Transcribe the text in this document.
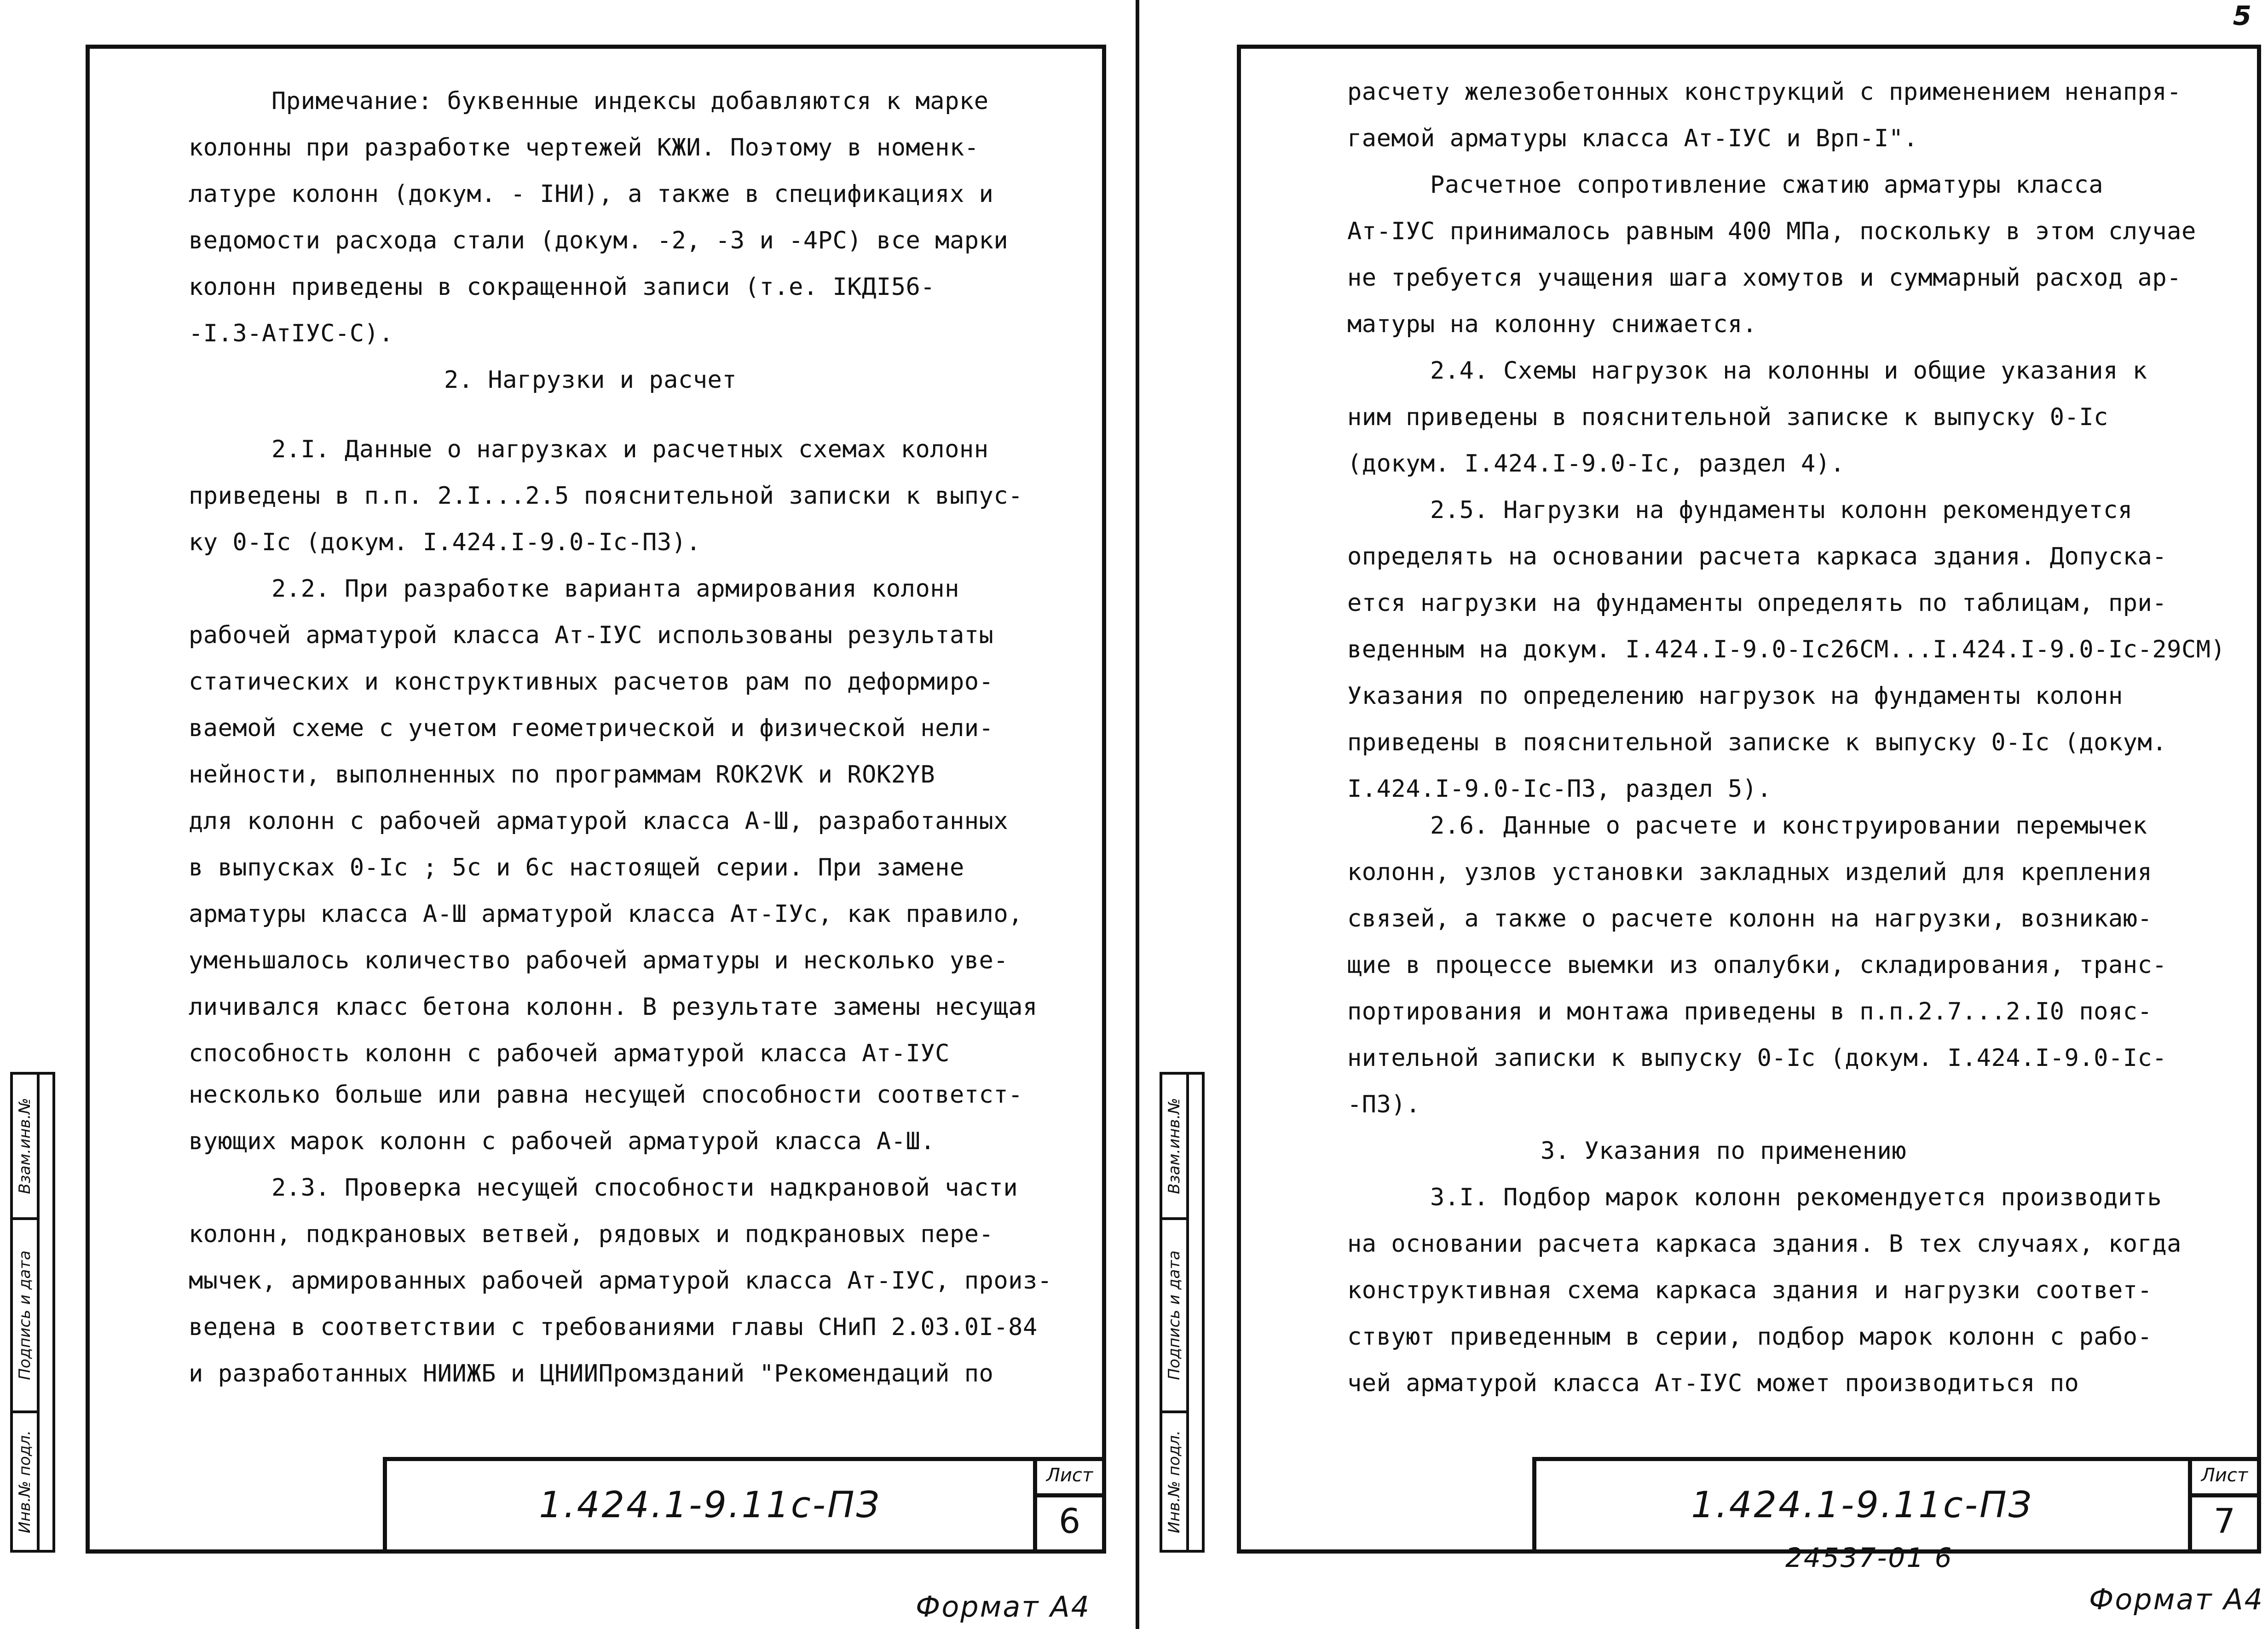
5
Взам.инв.№
Подпись и дата
Инв.№ подл.
Примечание: буквенные индексы добавляются к марке
колонны при разработке чертежей КЖИ. Поэтому в номенк-
латуре колонн (докум. - ІНИ), а также в спецификациях и
ведомости расхода стали (докум. -2, -3 и -4РС) все марки
колонн приведены в сокращенной записи (т.е. ІКДІ56-
-І.3-АтІУС-С).
2. Нагрузки и расчет
2.І. Данные о нагрузках и расчетных схемах колонн
приведены в п.п. 2.І...2.5 пояснительной записки к выпус-
ку 0-Іс (докум. І.424.І-9.0-Іс-ПЗ).
2.2. При разработке варианта армирования колонн
рабочей арматурой класса Ат-ІУС использованы результаты
статических и конструктивных расчетов рам по деформиро-
ваемой схеме с учетом геометрической и физической нели-
нейности, выполненных по программам ROK2VK и ROK2YB
для колонн с рабочей арматурой класса А-Ш, разработанных
в выпусках 0-Іс ; 5с и 6с настоящей серии. При замене
арматуры класса А-Ш арматурой класса Ат-ІУс, как правило,
уменьшалось количество рабочей арматуры и несколько уве-
личивался класс бетона колонн. В результате замены несущая
способность колонн с рабочей арматурой класса Ат-ІУС
несколько больше или равна несущей способности соответст-
вующих марок колонн с рабочей арматурой класса А-Ш.
2.3. Проверка несущей способности надкрановой части
колонн, подкрановых ветвей, рядовых и подкрановых пере-
мычек, армированных рабочей арматурой класса Ат-ІУС, произ-
ведена в соответствии с требованиями главы СНиП 2.03.0І-84
и разработанных НИИЖБ и ЦНИИПромзданий "Рекомендаций по
1.424.1-9.11с-ПЗ
Лист
6
Формат А4
Взам.инв.№
Подпись и дата
Инв.№ подл.
расчету железобетонных конструкций с применением ненапря-
гаемой арматуры класса Ат-ІУС и Врп-І".
Расчетное сопротивление сжатию арматуры класса
Ат-ІУС принималось равным 400 МПа, поскольку в этом случае
не требуется учащения шага хомутов и суммарный расход ар-
матуры на колонну снижается.
2.4. Схемы нагрузок на колонны и общие указания к
ним приведены в пояснительной записке к выпуску 0-Іс
(докум. І.424.І-9.0-Іс, раздел 4).
2.5. Нагрузки на фундаменты колонн рекомендуется
определять на основании расчета каркаса здания. Допуска-
ется нагрузки на фундаменты определять по таблицам, при-
веденным на докум. І.424.І-9.0-Іс26СМ...І.424.І-9.0-Іс-29СМ)
Указания по определению нагрузок на фундаменты колонн
приведены в пояснительной записке к выпуску 0-Іс (докум.
І.424.І-9.0-Іс-ПЗ, раздел 5).
2.6. Данные о расчете и конструировании перемычек
колонн, узлов установки закладных изделий для крепления
связей, а также о расчете колонн на нагрузки, возникаю-
щие в процессе выемки из опалубки, складирования, транс-
портирования и монтажа приведены в п.п.2.7...2.І0 пояс-
нительной записки к выпуску 0-Іс (докум. І.424.І-9.0-Іс-
-ПЗ).
3. Указания по применению
3.І. Подбор марок колонн рекомендуется производить
на основании расчета каркаса здания. В тех случаях, когда
конструктивная схема каркаса здания и нагрузки соответ-
ствуют приведенным в серии, подбор марок колонн с рабо-
чей арматурой класса Ат-ІУС может производиться по
1.424.1-9.11с-ПЗ
Лист
7
24537-01 6
Формат А4
